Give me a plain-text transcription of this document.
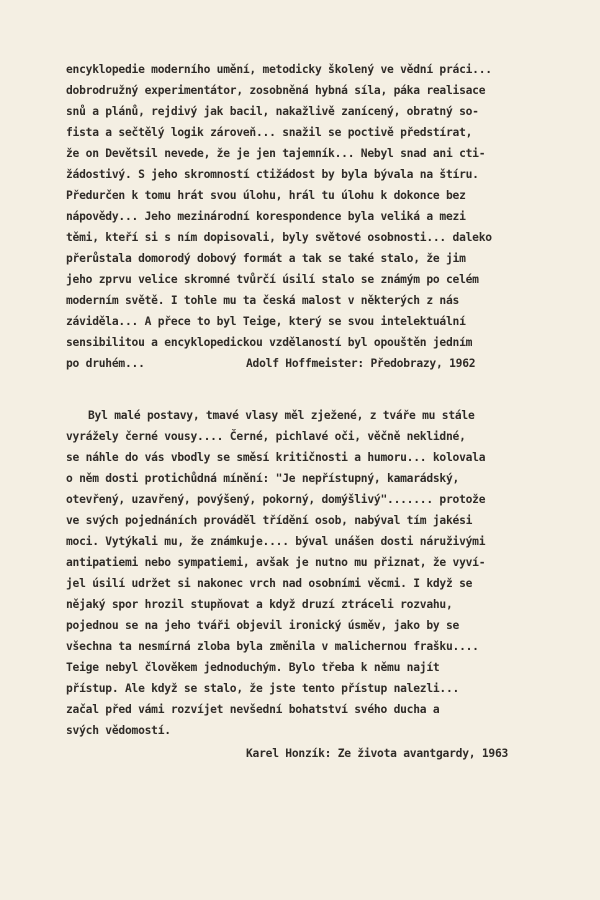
encyklopedie moderního umění, metodicky školený ve vědní práci...
dobrodružný experimentátor, zosobněná hybná síla, páka realisace
snů a plánů, rejdivý jak bacil, nakažlivě zanícený, obratný so-
fista a sečtělý logik zároveň... snažil se poctivě předstírat,
že on Devětsil nevede, že je jen tajemník... Nebyl snad ani cti-
žádostivý. S jeho skromností ctižádost by byla bývala na štíru.
Předurčen k tomu hrát svou úlohu, hrál tu úlohu k dokonce bez
nápovědy... Jeho mezinárodní korespondence byla veliká a mezi
těmi, kteří si s ním dopisovali, byly světové osobnosti... daleko
přerůstala domorodý dobový formát a tak se také stalo, že jim
jeho zprvu velice skromné tvůrčí úsilí stalo se známým po celém
moderním světě. I tohle mu ta česká malost v některých z nás
záviděla... A přece to byl Teige, který se svou intelektuální
sensibilitou a encyklopedickou vzdělaností byl opouštěn jedním
po druhém...	Adolf Hoffmeister: Předobrazy, 1962
Byl malé postavy, tmavé vlasy měl zježené, z tváře mu stále
vyrážely černé vousy.... Černé, pichlavé oči, věčně neklidné,
se náhle do vás vbodly se směsí kritičnosti a humoru... kolovala
o něm dosti protichůdná mínění: "Je nepřístupný, kamarádský,
otevřený, uzavřený, povýšený, pokorný, domýšlivý"....... protože
ve svých pojednáních prováděl třídění osob, nabýval tím jakési
moci. Vytýkali mu, že známkuje.... býval unášen dosti náruživými
antipatiemi nebo sympatiemi, avšak je nutno mu přiznat, že vyví-
jel úsilí udržet si nakonec vrch nad osobními věcmi. I když se
nějaký spor hrozil stupňovat a když druzí ztráceli rozvahu,
pojednou se na jeho tváři objevil ironický úsměv, jako by se
všechna ta nesmírná zloba byla změnila v malichernou frašku....
Teige nebyl člověkem jednoduchým. Bylo třeba k němu najít
přístup. Ale když se stalo, že jste tento přístup nalezli...
začal před vámi rozvíjet nevšední bohatství svého ducha a
svých vědomostí.
Karel Honzík: Ze života avantgardy, 1963
